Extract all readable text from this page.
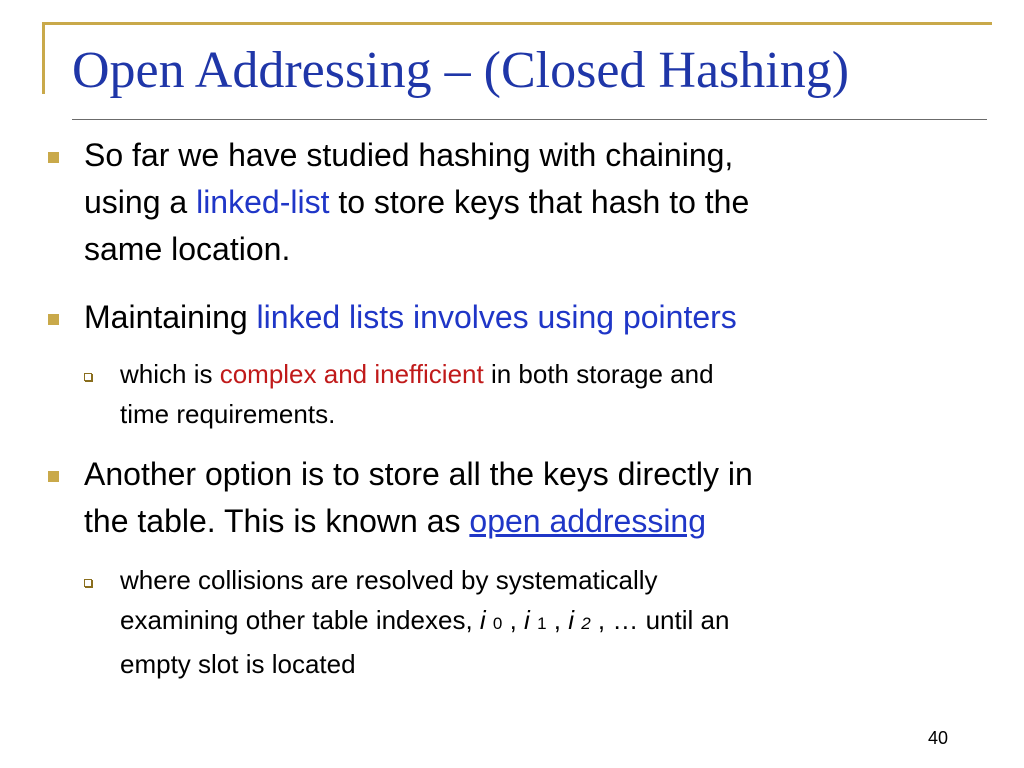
Open Addressing – (Closed Hashing)
So far we have studied hashing with chaining,
using a linked-list to store keys that hash to the
same location.
Maintaining linked lists involves using pointers
which is complex and inefficient in both storage and
time requirements.
Another option is to store all the keys directly in
the table. This is known as open addressing
where collisions are resolved by systematically
examining other table indexes, i 0 , i 1 , i 2 , … until an
empty slot is located
40
